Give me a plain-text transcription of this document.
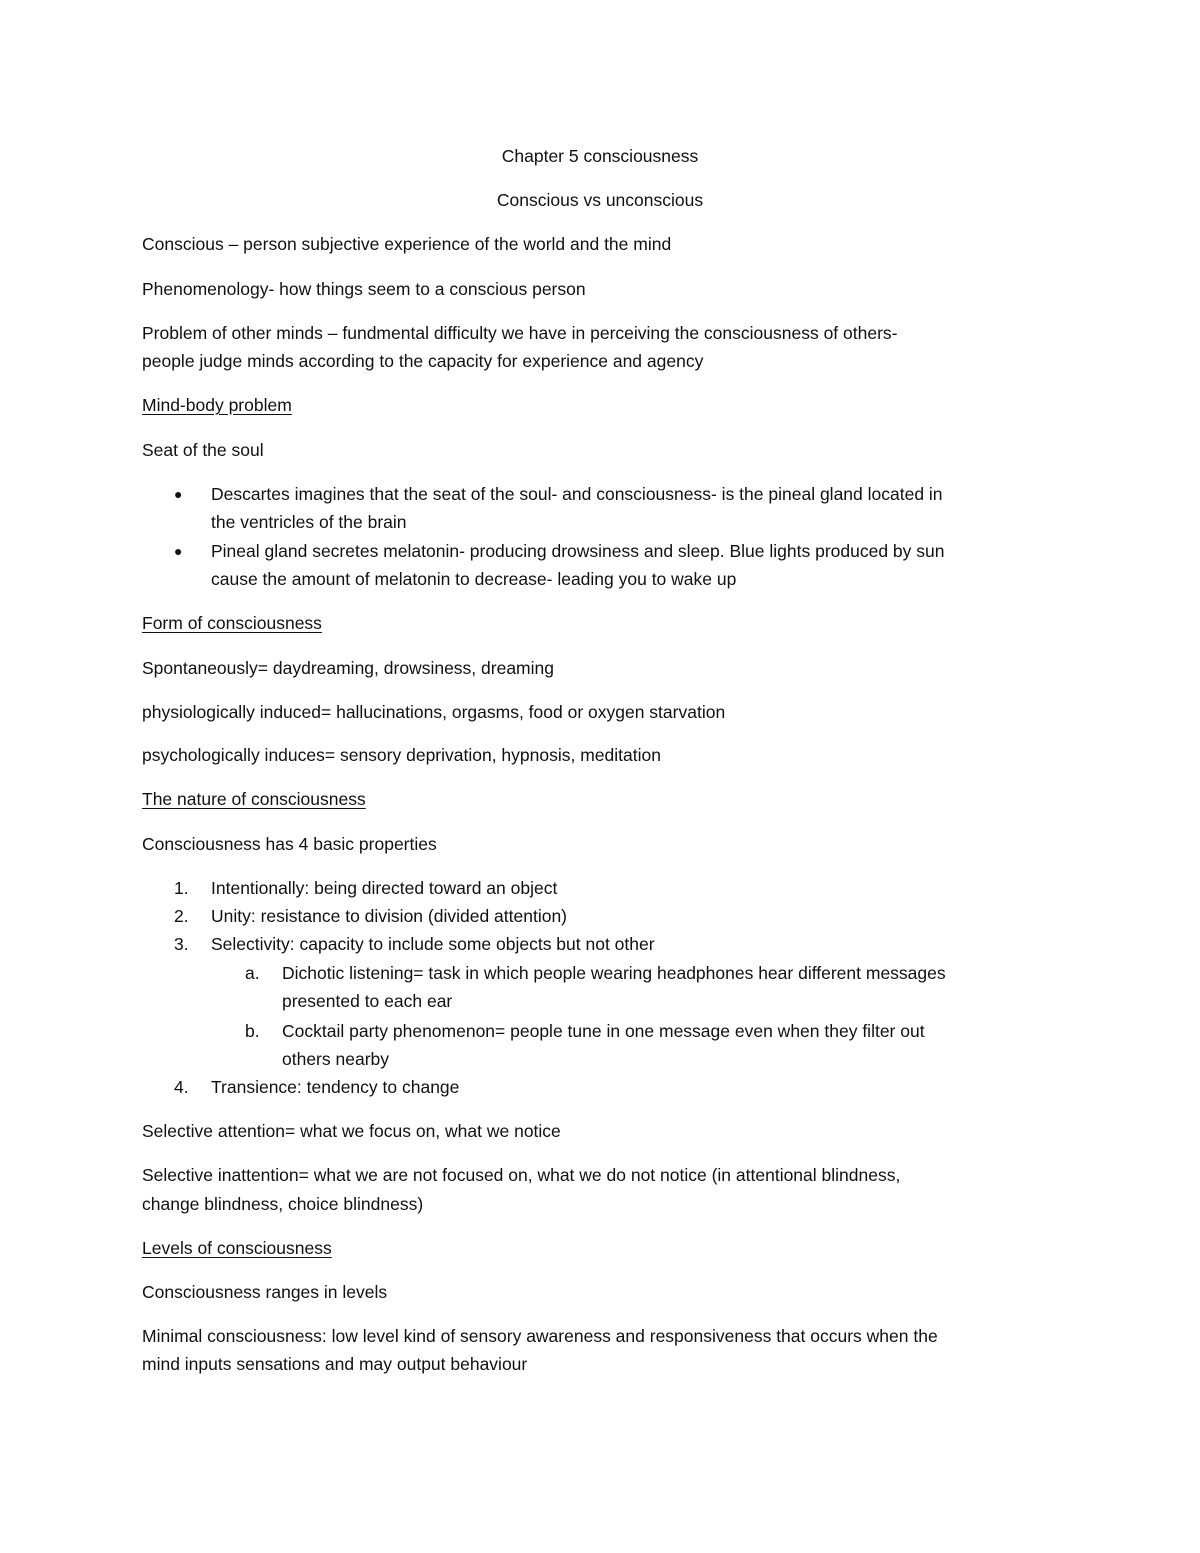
Chapter 5 consciousness
Conscious vs unconscious
Conscious – person subjective experience of the world and the mind
Phenomenology- how things seem to a conscious person
Problem of other minds – fundmental difficulty we have in perceiving the consciousness of others-
people judge minds according to the capacity for experience and agency
Mind-body problem
Seat of the soul
● Descartes imagines that the seat of the soul- and consciousness- is the pineal gland located in
the ventricles of the brain
● Pineal gland secretes melatonin- producing drowsiness and sleep. Blue lights produced by sun
cause the amount of melatonin to decrease- leading you to wake up
Form of consciousness
Spontaneously= daydreaming, drowsiness, dreaming
physiologically induced= hallucinations, orgasms, food or oxygen starvation
psychologically induces= sensory deprivation, hypnosis, meditation
The nature of consciousness
Consciousness has 4 basic properties
1.	Intentionally: being directed toward an object
2.	Unity: resistance to division (divided attention)
3.	Selectivity: capacity to include some objects but not other
a.	Dichotic listening= task in which people wearing headphones hear different messages
presented to each ear
b.	Cocktail party phenomenon= people tune in one message even when they filter out
others nearby
4.	Transience: tendency to change
Selective attention= what we focus on, what we notice
Selective inattention= what we are not focused on, what we do not notice (in attentional blindness,
change blindness, choice blindness)
Levels of consciousness
Consciousness ranges in levels
Minimal consciousness: low level kind of sensory awareness and responsiveness that occurs when the
mind inputs sensations and may output behaviour
